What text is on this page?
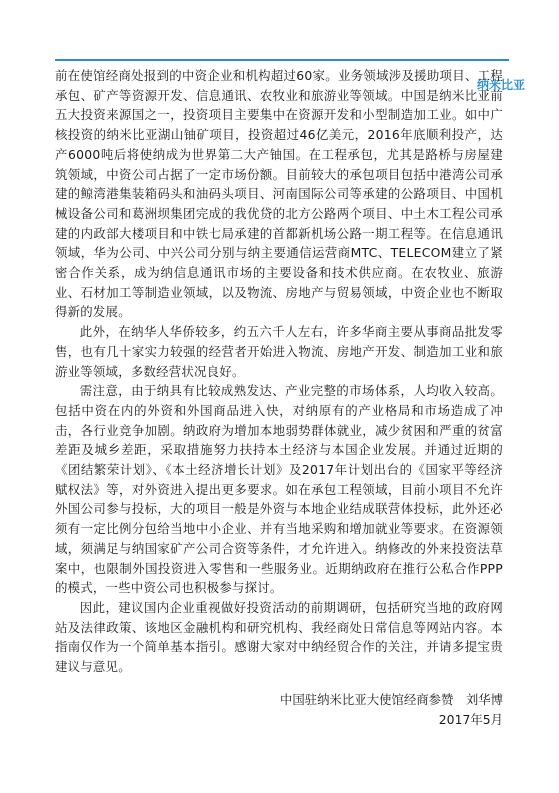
纳米比亚

前在使馆经商处报到的中资企业和机构超过60家。业务领域涉及援助项目、工程承包、矿产等资源开发、信息通讯、农牧业和旅游业等领域。中国是纳米比亚前五大投资来源国之一，投资项目主要集中在资源开发和小型制造加工业。如中广核投资的纳米比亚湖山铀矿项目，投资超过46亿美元，2016年底顺利投产，达产6000吨后将使纳成为世界第二大产铀国。在工程承包，尤其是路桥与房屋建筑领域，中资公司占据了一定市场份额。目前较大的承包项目包括中港湾公司承建的鲸湾港集装箱码头和油码头项目、河南国际公司等承建的公路项目、中国机械设备公司和葛洲坝集团完成的我优贷的北方公路两个项目、中土木工程公司承建的内政部大楼项目和中铁七局承建的首都新机场公路一期工程等。在信息通讯领域，华为公司、中兴公司分别与纳主要通信运营商MTC、TELECOM建立了紧密合作关系，成为纳信息通讯市场的主要设备和技术供应商。在农牧业、旅游业、石材加工等制造业领域，以及物流、房地产与贸易领域，中资企业也不断取得新的发展。

此外，在纳华人华侨较多，约五六千人左右，许多华商主要从事商品批发零售，也有几十家实力较强的经营者开始进入物流、房地产开发、制造加工业和旅游业等领域，多数经营状况良好。

需注意，由于纳具有比较成熟发达、产业完整的市场体系，人均收入较高。包括中资在内的外资和外国商品进入快，对纳原有的产业格局和市场造成了冲击，各行业竞争加剧。纳政府为增加本地弱势群体就业，减少贫困和严重的贫富差距及城乡差距，采取措施努力扶持本土经济与本国企业发展。并通过近期的《团结繁荣计划》、《本土经济增长计划》及2017年计划出台的《国家平等经济赋权法》等，对外资进入提出更多要求。如在承包工程领域，目前小项目不允许外国公司参与投标，大的项目一般是外资与本地企业结成联营体投标，此外还必须有一定比例分包给当地中小企业、并有当地采购和增加就业等要求。在资源领域，须满足与纳国家矿产公司合资等条件，才允许进入。纳修改的外来投资法草案中，也限制外国投资进入零售和一些服务业。近期纳政府在推行公私合作PPP的模式，一些中资公司也积极参与探讨。

因此，建议国内企业重视做好投资活动的前期调研，包括研究当地的政府网站及法律政策、该地区金融机构和研究机构、我经商处日常信息等网站内容。本指南仅作为一个简单基本指引。感谢大家对中纳经贸合作的关注，并请多提宝贵建议与意见。

中国驻纳米比亚大使馆经商参赞　刘华博
2017年5月
